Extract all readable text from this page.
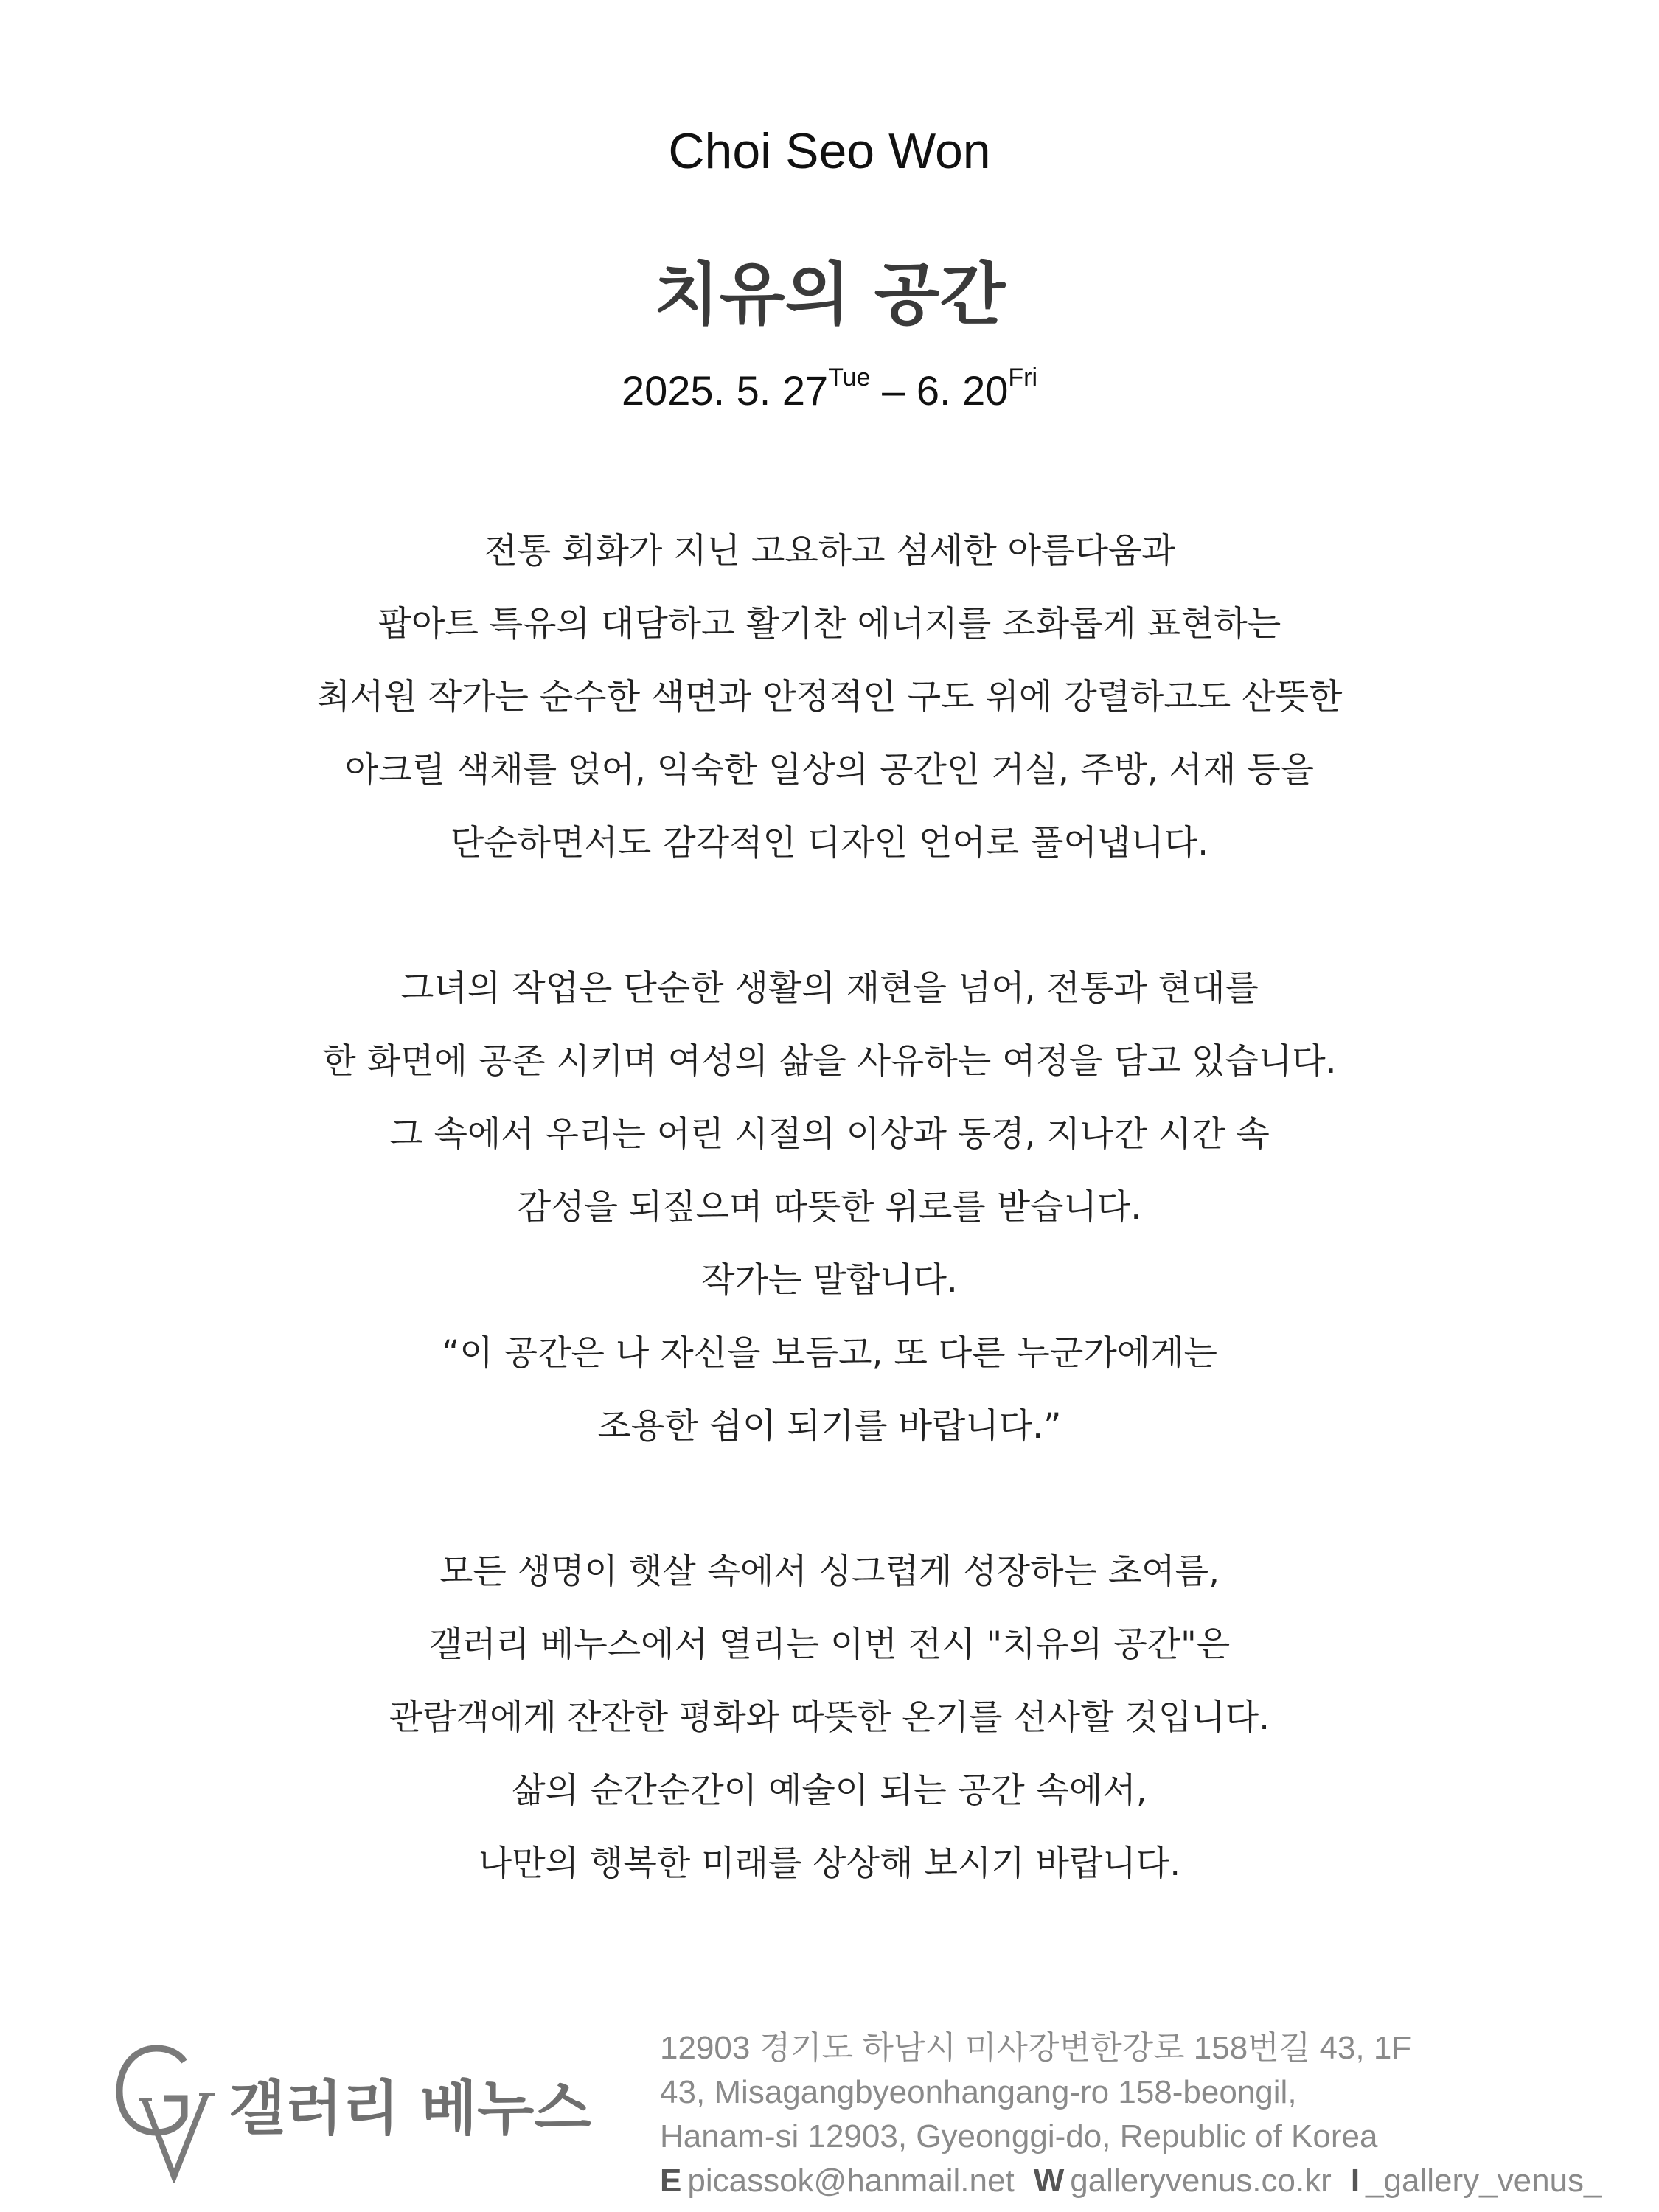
Choi Seo Won
치유의 공간
2025. 5. $27^{Tue} - 6$. $20^{Fri}$

전통 회화가 지닌 고요하고 섬세한 아름다움과
팝아트 특유의 대담하고 활기찬 에너지를 조화롭게 표현하는
최서원 작가는 순수한 색면과 안정적인 구도 위에 강렬하고도 산뜻한
아크릴 색채를 얹어, 익숙한 일상의 공간인 거실, 주방, 서재 등을
단순하면서도 감각적인 디자인 언어로 풀어냅니다.

그녀의 작업은 단순한 생활의 재현을 넘어, 전통과 현대를
한 화면에 공존 시키며 여성의 삶을 사유하는 여정을 담고 있습니다.
그 속에서 우리는 어린 시절의 이상과 동경, 지나간 시간 속
감성을 되짚으며 따뜻한 위로를 받습니다.
작가는 말합니다.
“이 공간은 나 자신을 보듬고, 또 다른 누군가에게는
조용한 쉼이 되기를 바랍니다.”

모든 생명이 햇살 속에서 싱그럽게 성장하는 초여름,
갤러리 베누스에서 열리는 이번 전시 "치유의 공간"은
관람객에게 잔잔한 평화와 따뜻한 온기를 선사할 것입니다.
삶의 순간순간이 예술이 되는 공간 속에서,
나만의 행복한 미래를 상상해 보시기 바랍니다.

갤러리 베누스
12903 경기도 하남시 미사강변한강로 158번길 43, 1F
43, Misagangbyeonhangang-ro 158-beongil,
Hanam-si 12903, Gyeonggi-do, Republic of Korea
E picassok@hanmail.net W galleryvenus.co.kr I _gallery_venus_
